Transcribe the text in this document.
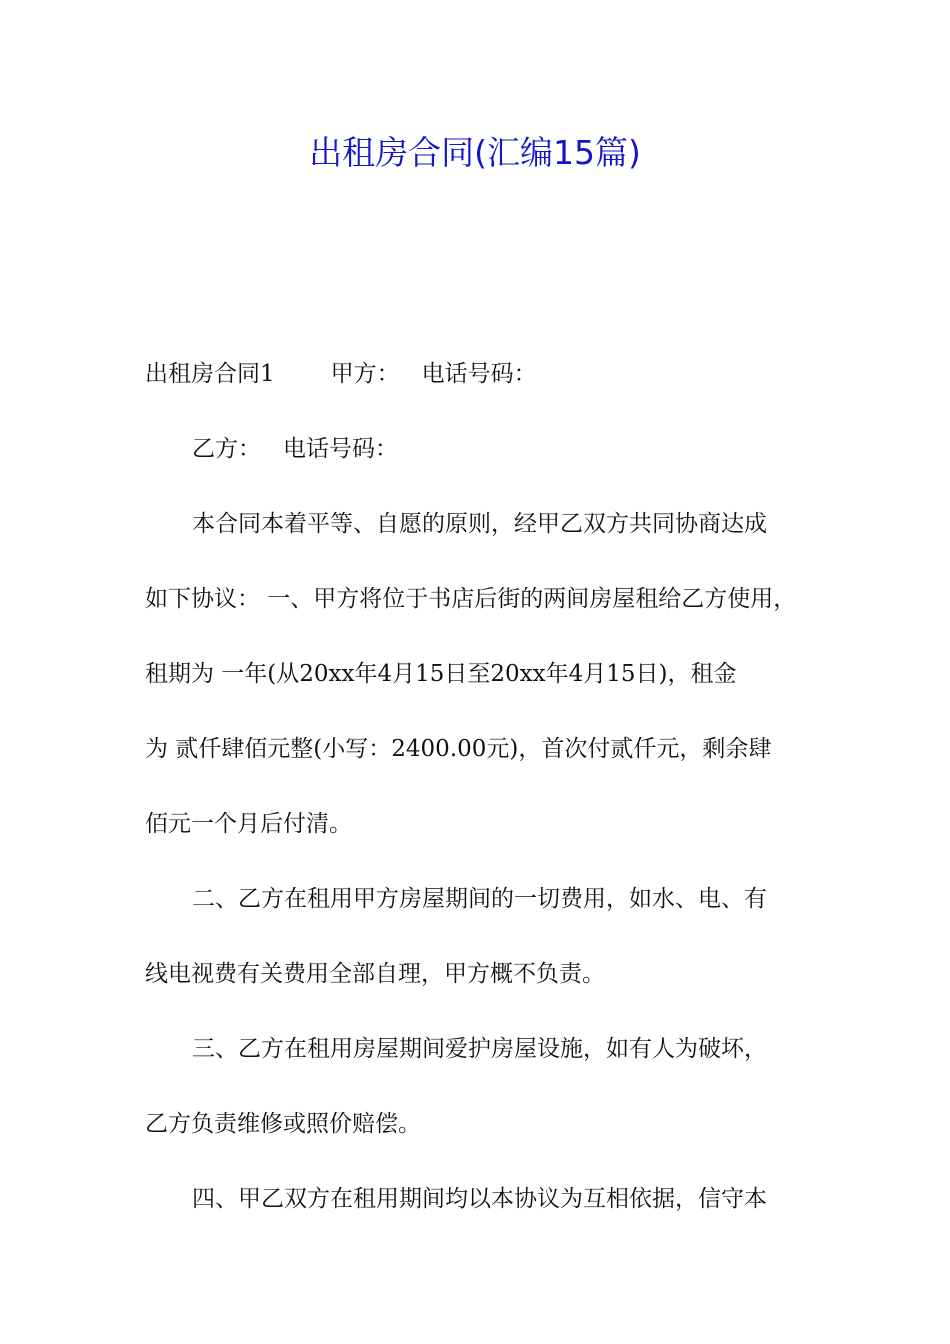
出租房合同(汇编15篇)
出租房合同1 甲方： 电话号码：
乙方： 电话号码：
本合同本着平等、自愿的原则，经甲乙双方共同协商达成
如下协议： 一、甲方将位于书店后街的两间房屋租给乙方使用，
租期为 一年(从20xx年4月15日至20xx年4月15日)，租金
为 贰仟肆佰元整(小写：2400.00元)，首次付贰仟元，剩余肆
佰元一个月后付清。
二、乙方在租用甲方房屋期间的一切费用，如水、电、有
线电视费有关费用全部自理，甲方概不负责。
三、乙方在租用房屋期间爱护房屋设施，如有人为破坏，
乙方负责维修或照价赔偿。
四、甲乙双方在租用期间均以本协议为互相依据，信守本
